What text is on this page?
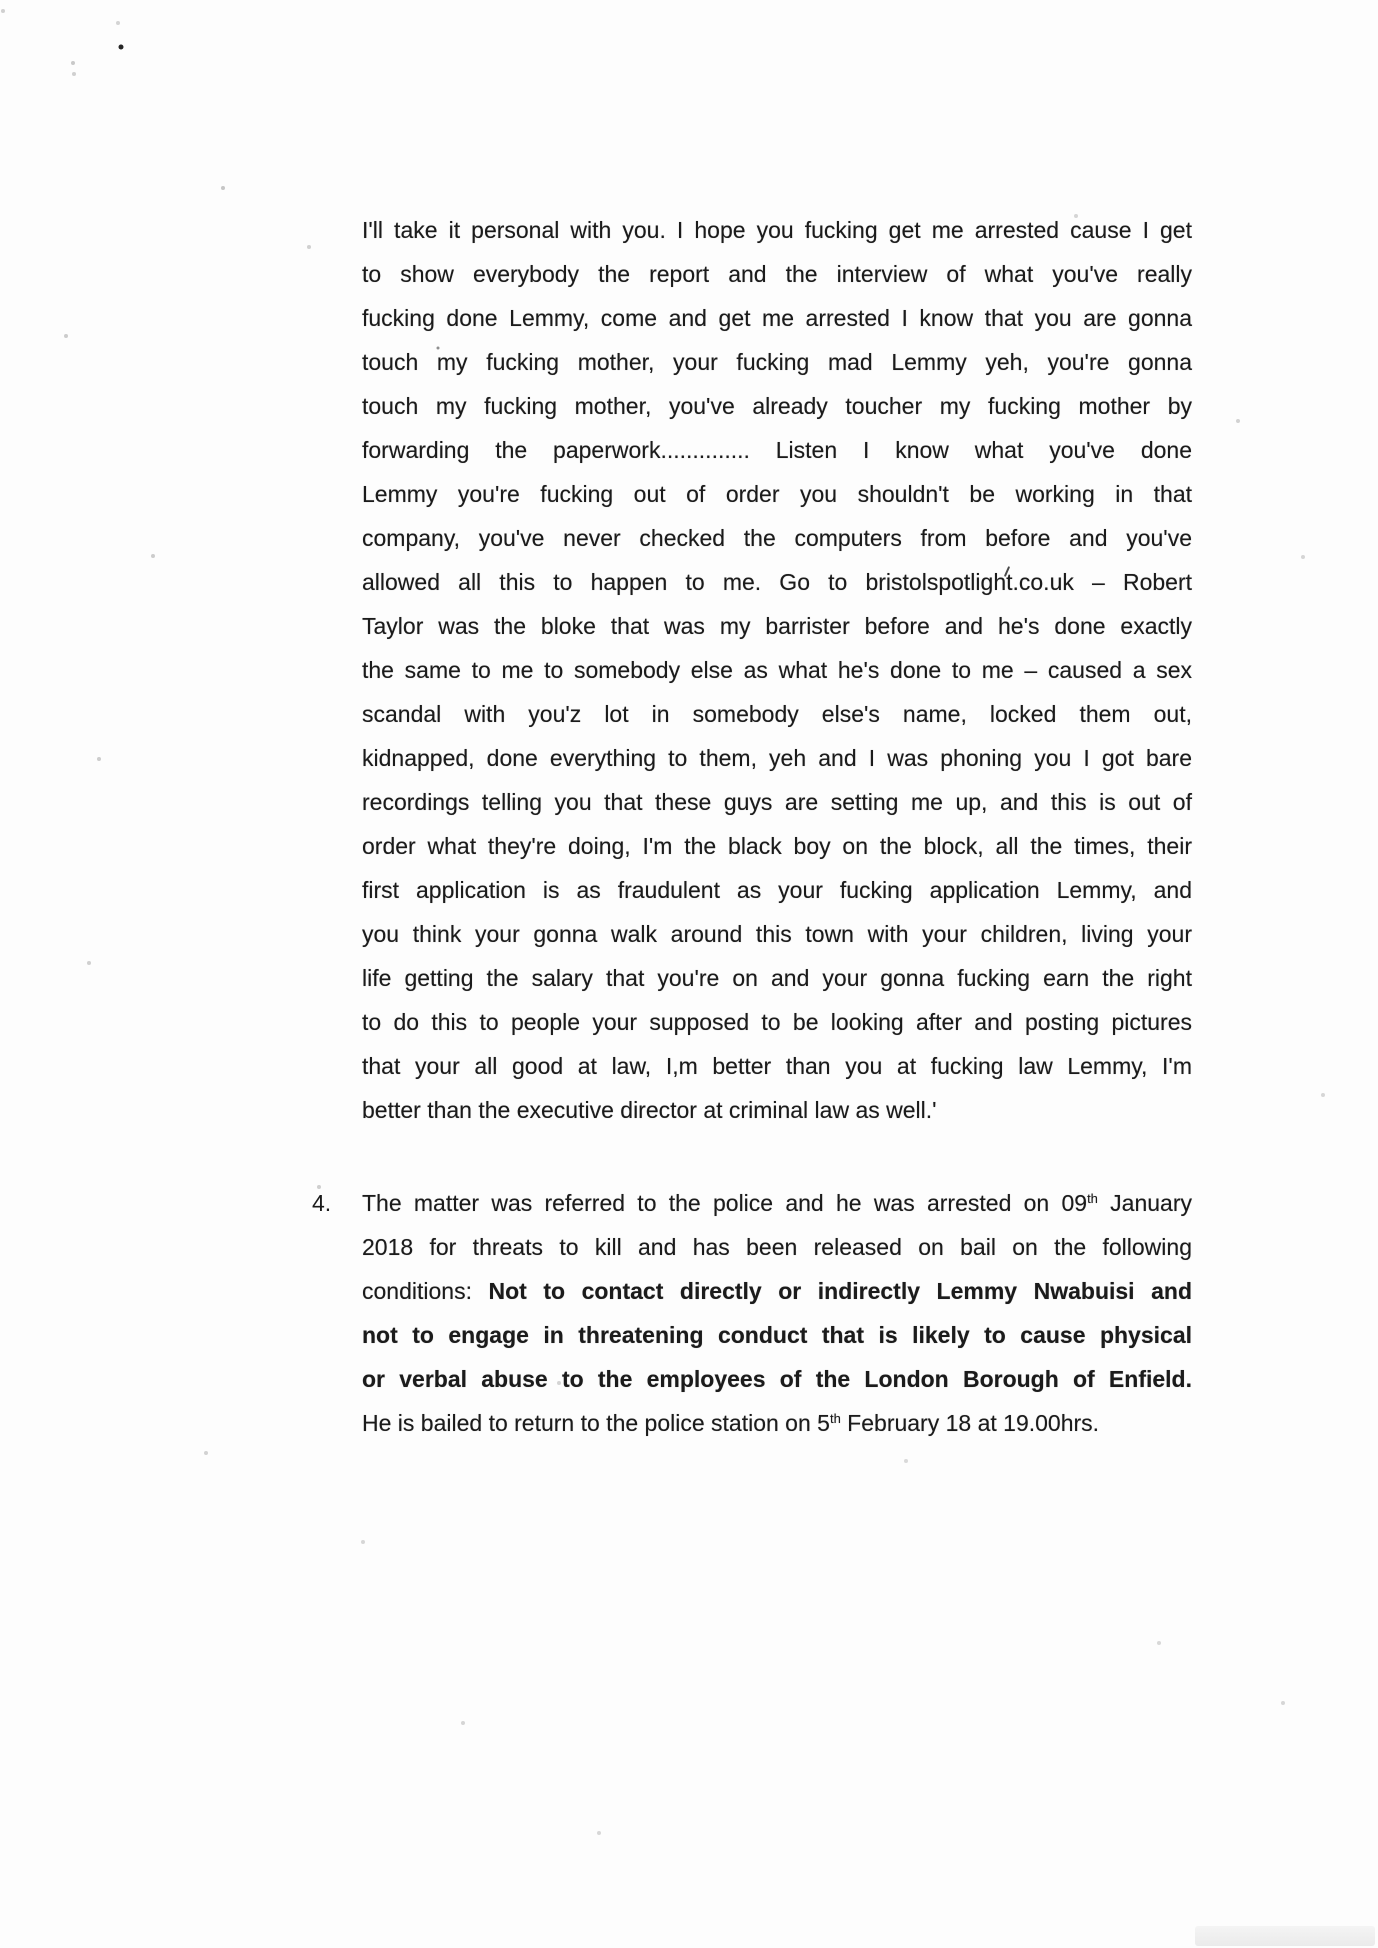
I'll take it personal with you. I hope you fucking get me arrested cause I get
to show everybody the report and the interview of what you've really
fucking done Lemmy, come and get me arrested I know that you are gonna
touch my fucking mother, your fucking mad Lemmy yeh, you're gonna
touch my fucking mother, you've already toucher my fucking mother by
forwarding the paperwork.............. Listen I know what you've done
Lemmy you're fucking out of order you shouldn't be working in that
company, you've never checked the computers from before and you've
allowed all this to happen to me. Go to bristolspotlight.co.uk – Robert
Taylor was the bloke that was my barrister before and he's done exactly
the same to me to somebody else as what he's done to me – caused a sex
scandal with you'z lot in somebody else's name, locked them out,
kidnapped, done everything to them, yeh and I was phoning you I got bare
recordings telling you that these guys are setting me up, and this is out of
order what they're doing, I'm the black boy on the block, all the times, their
first application is as fraudulent as your fucking application Lemmy, and
you think your gonna walk around this town with your children, living your
life getting the salary that you're on and your gonna fucking earn the right
to do this to people your supposed to be looking after and posting pictures
that your all good at law, I,m better than you at fucking law Lemmy, I'm
better than the executive director at criminal law as well.'
4. The matter was referred to the police and he was arrested on 09th January
2018 for threats to kill and has been released on bail on the following
conditions: Not to contact directly or indirectly Lemmy Nwabuisi and
not to engage in threatening conduct that is likely to cause physical
or verbal abuse to the employees of the London Borough of Enfield.
He is bailed to return to the police station on 5th February 18 at 19.00hrs.
